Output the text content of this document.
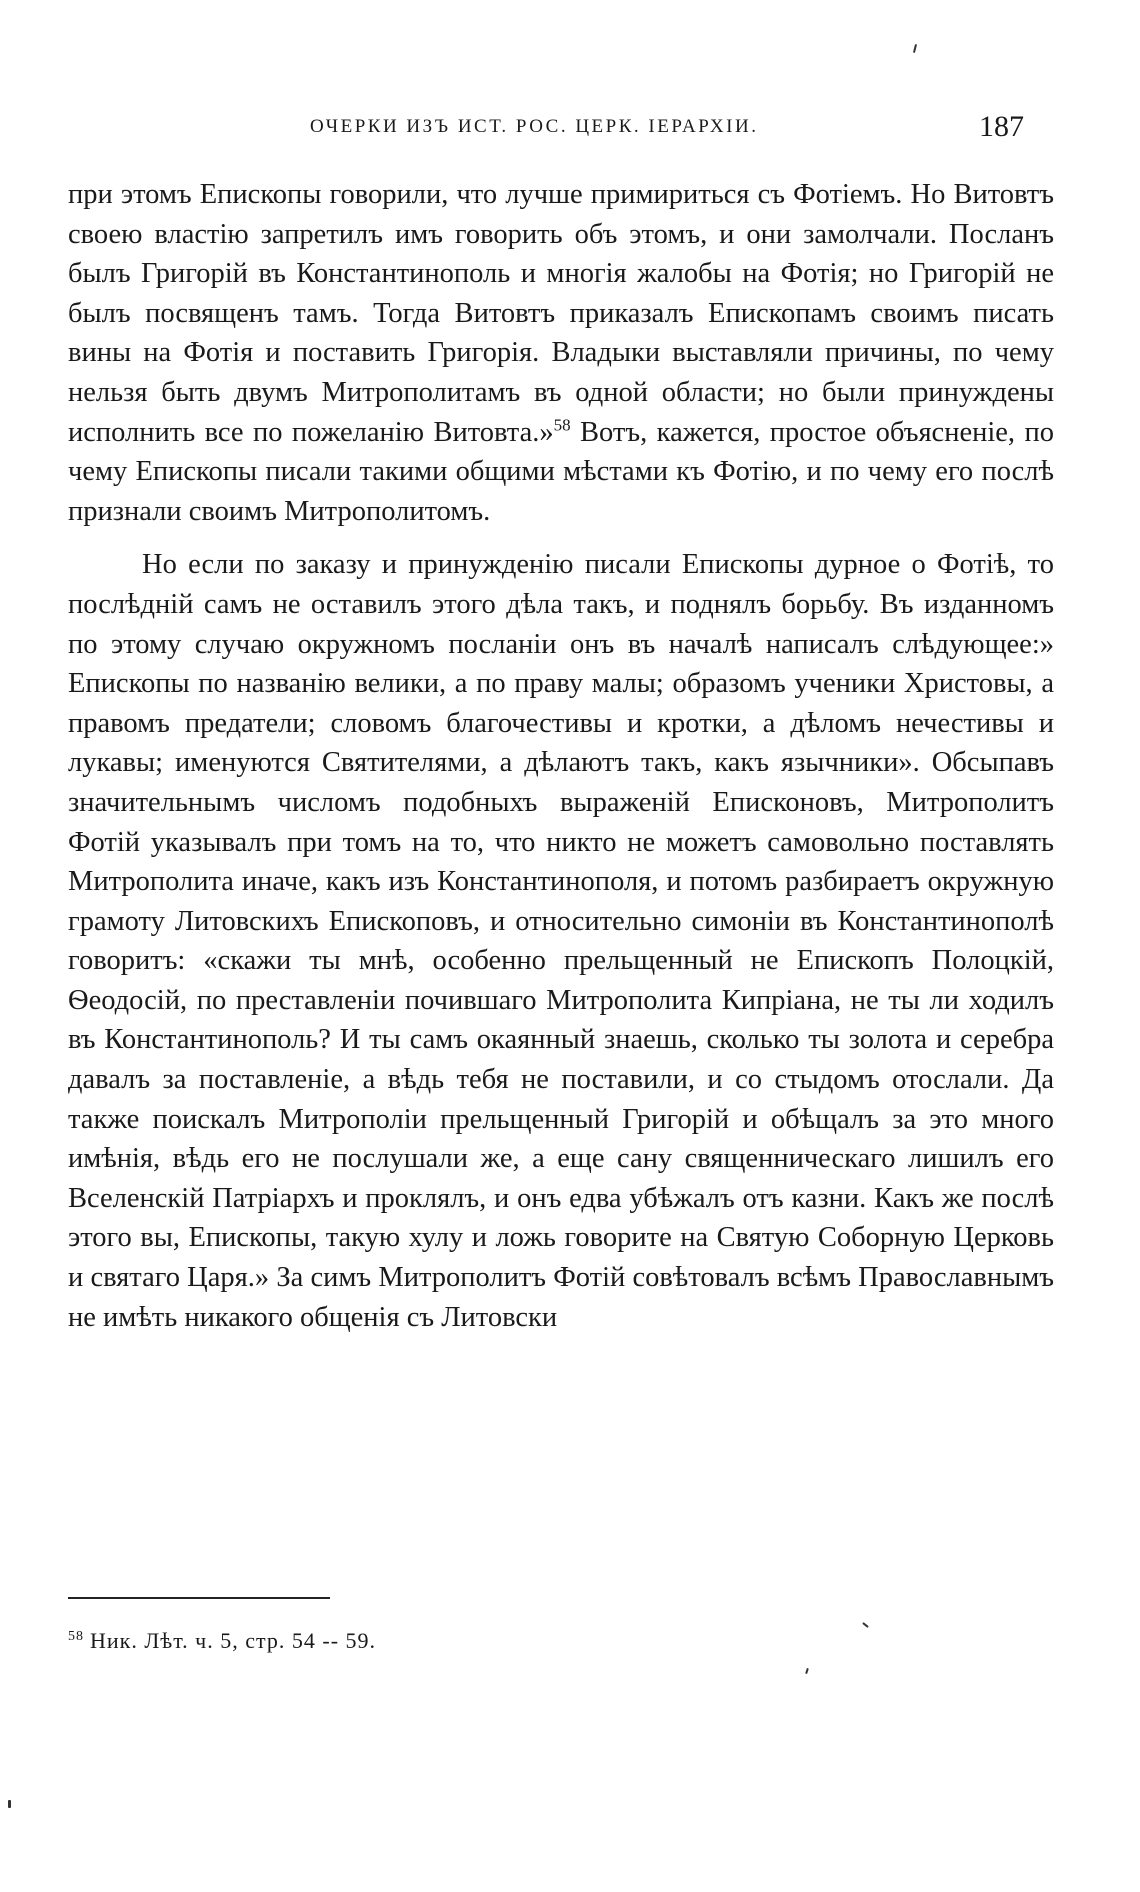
ОЧЕРКИ ИЗЪ ИСТ. РОС. ЦЕРК. IЕРАРХIИ.	187

при этомъ Епископы говорили, что лучше примириться съ Фотiемъ. Но Витовтъ своею властiю запретилъ имъ говорить объ этомъ, и они замолчали. Посланъ былъ Григорiй въ Константинополь и многiя жалобы на Фотiя; но Григорiй не былъ посвященъ тамъ. Тогда Витовтъ приказалъ Епископамъ своимъ писать вины на Фотiя и поставить Григорiя. Владыки выставляли причины, по чему нельзя быть двумъ Митрополитамъ въ одной области; но были принуждены исполнить все по пожеланiю Витовта.»$^{58}$ Вотъ, кажется, простое объясненiе, по чему Епископы писали такими общими мѣстами къ Фотiю, и по чему его послѣ признали своимъ Митрополитомъ.

Но если по заказу и принужденiю писали Епископы дурное о Фотiѣ, то послѣднiй самъ не оставилъ этого дѣла такъ, и поднялъ борьбу. Въ изданномъ по этому случаю окружномъ посланiи онъ въ началѣ написалъ слѣдующее:» Епископы по названiю велики, а по праву малы; образомъ ученики Христовы, а правомъ предатели; словомъ благочестивы и кротки, а дѣломъ нечестивы и лукавы; именуются Святителями, а дѣлаютъ такъ, какъ язычники». Обсыпавъ значительнымъ числомъ подобныхъ выраженiй Еписконовъ, Митрополитъ Фотiй указывалъ при томъ на то, что никто не можетъ самовольно поставлять Митрополита иначе, какъ изъ Константинополя, и потомъ разбираетъ окружную грамоту Литовскихъ Епископовъ, и относительно симонiи въ Константинополѣ говоритъ: «скажи ты мнѣ, особенно прельщенный не Епископъ Полоцкiй, Ѳеодосiй, по преставленiи почившаго Митрополита Кипрiана, не ты ли ходилъ въ Константинополь? И ты самъ окаянный знаешь, сколько ты золота и серебра давалъ за поставленiе, а вѣдь тебя не поставили, и со стыдомъ отослали. Да также поискалъ Митрополiи прельщенный Григорiй и обѣщалъ за это много имѣнiя, вѣдь его не послушали же, а еще сану священническаго лишилъ его Вселенскiй Патрiархъ и проклялъ, и онъ едва убѣжалъ отъ казни. Какъ же послѣ этого вы, Епископы, такую хулу и ложь говорите на Святую Соборную Церковь и святаго Царя.» За симъ Митрополитъ Фотiй совѣтовалъ всѣмъ Православнымъ не имѣть никакого общенiя съ Литовски

$^{58}$ Ник. Лѣт. ч. 5, стр. 54 -- 59.
